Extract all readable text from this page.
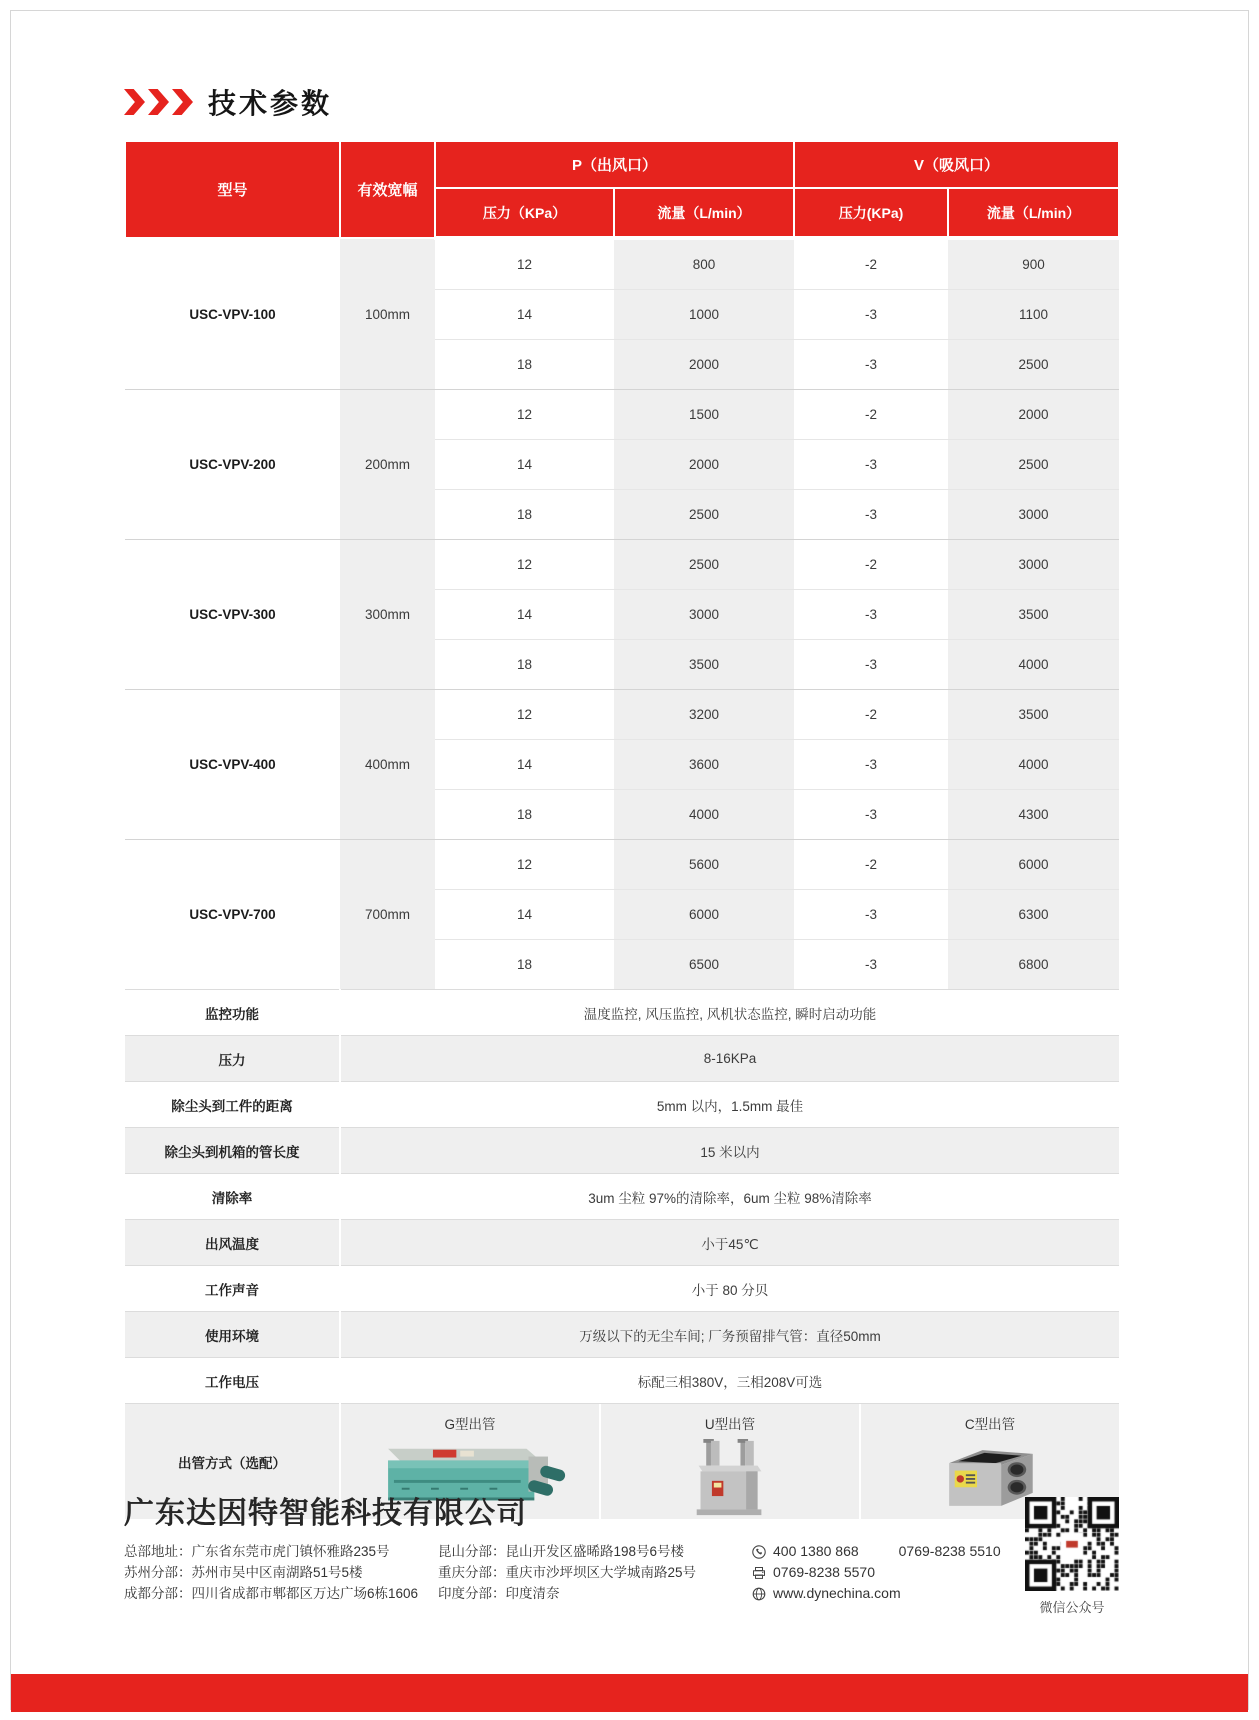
技术参数
型号	有效宽幅	P（出风口）		V（吸风口）	
		压力（KPa）	流量（L/min）	压力(KPa)	流量（L/min）
USC-VPV-100	100mm	12	800	-2	900
		14	1000	-3	1100
		18	2000	-3	2500
USC-VPV-200	200mm	12	1500	-2	2000
		14	2000	-3	2500
		18	2500	-3	3000
USC-VPV-300	300mm	12	2500	-2	3000
		14	3000	-3	3500
		18	3500	-3	4000
USC-VPV-400	400mm	12	3200	-2	3500
		14	3600	-3	4000
		18	4000	-3	4300
USC-VPV-700	700mm	12	5600	-2	6000
		14	6000	-3	6300
		18	6500	-3	6800
监控功能	温度监控, 风压监控, 风机状态监控, 瞬时启动功能				
压力	8-16KPa				
除尘头到工件的距离	5mm 以内，1.5mm 最佳				
除尘头到机箱的管长度	15 米以内				
清除率	3um 尘粒 97%的清除率，6um 尘粒 98%清除率				
出风温度	小于45℃				
工作声音	小于 80 分贝				
使用环境	万级以下的无尘车间; 厂务预留排气管：直径50mm				
工作电压	标配三相380V，三相208V可选				
出管方式（选配）	G型出管 U型出管 C型出管				
广东达因特智能科技有限公司
总部地址：广东省东莞市虎门镇怀雅路235号
苏州分部：苏州市吴中区南湖路51号5楼
成都分部：四川省成都市郫都区万达广场6栋1606
昆山分部：昆山开发区盛晞路198号6号楼
重庆分部：重庆市沙坪坝区大学城南路25号
印度分部：印度清奈
400 1380 868	0769-8238 5510
0769-8238 5570
www.dynechina.com
微信公众号
